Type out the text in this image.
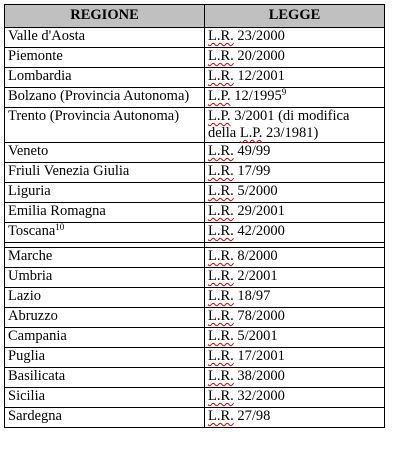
REGIONE	LEGGE
Valle d'Aosta	L.R. 23/2000
Piemonte	L.R. 20/2000
Lombardia	L.R. 12/2001
Bolzano (Provincia Autonoma)	L.P. 12/1995$^9$
Trento (Provincia Autonoma)	L.P. 3/2001 (di modifica
della L.P. 23/1981)
Veneto	L.R. 49/99
Friuli Venezia Giulia	L.R. 17/99
Liguria	L.R. 5/2000
Emilia Romagna	L.R. 29/2001
Toscana$^{10}$	L.R. 42/2000

Marche	L.R. 8/2000
Umbria	L.R. 2/2001
Lazio	L.R. 18/97
Abruzzo	L.R. 78/2000
Campania	L.R. 5/2001
Puglia	L.R. 17/2001
Basilicata	L.R. 38/2000
Sicilia	L.R. 32/2000
Sardegna	L.R. 27/98
